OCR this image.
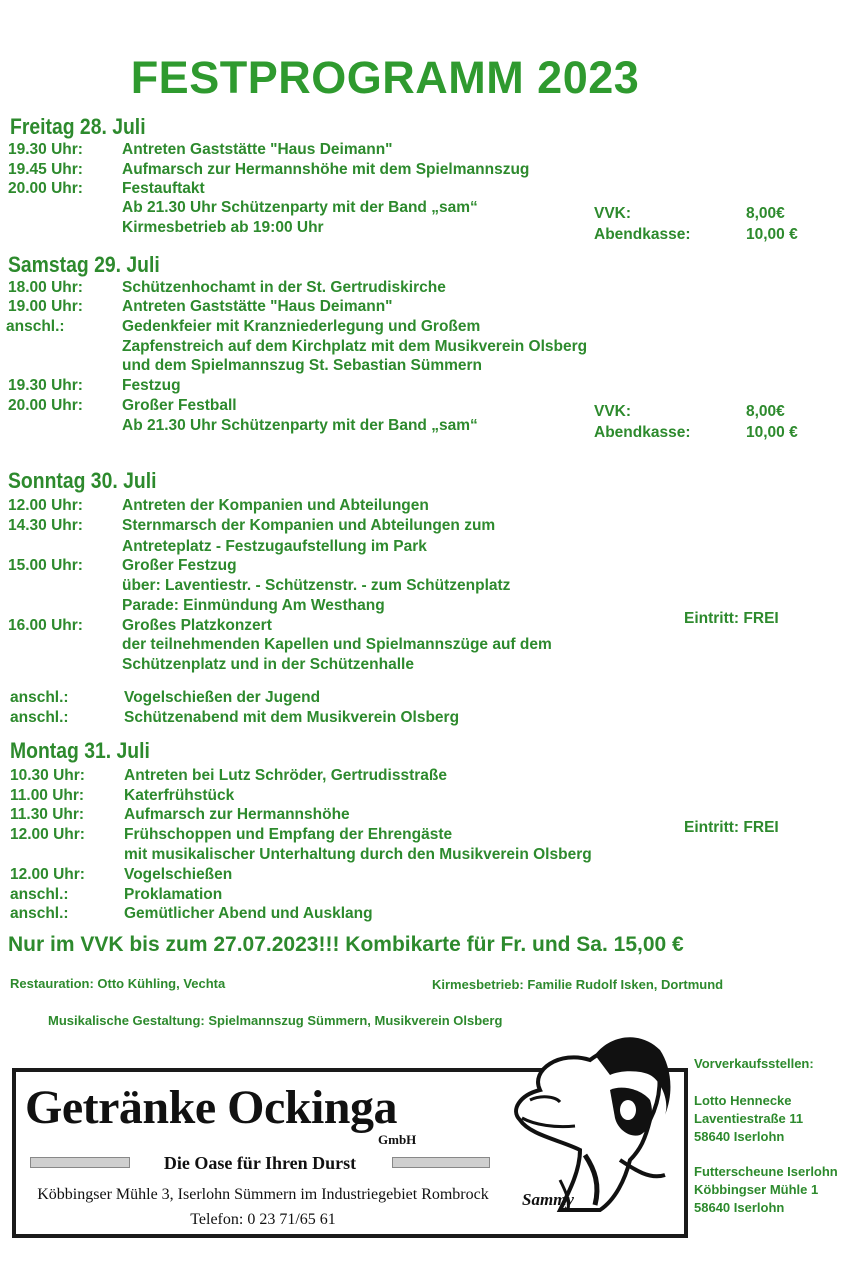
FESTPROGRAMM 2023
Freitag 28. Juli
19.30 Uhr:	Antreten Gaststätte "Haus Deimann"
19.45 Uhr:	Aufmarsch zur Hermannshöhe mit dem Spielmannszug
20.00 Uhr:	Festauftakt
Ab 21.30 Uhr Schützenparty mit der Band „sam“
Kirmesbetrieb ab 19:00 Uhr
VVK:	8,00€
Abendkasse:	10,00 €
Samstag 29. Juli
18.00 Uhr:	Schützenhochamt in der St. Gertrudiskirche
19.00 Uhr:	Antreten Gaststätte "Haus Deimann"
anschl.:	Gedenkfeier mit Kranzniederlegung und Großem
Zapfenstreich auf dem Kirchplatz mit dem Musikverein Olsberg
und dem Spielmannszug St. Sebastian Sümmern
19.30 Uhr:	Festzug
20.00 Uhr:	Großer Festball
Ab 21.30 Uhr Schützenparty mit der Band „sam“
VVK:	8,00€
Abendkasse:	10,00 €
Sonntag 30. Juli
12.00 Uhr:	Antreten der Kompanien und Abteilungen
14.30 Uhr:	Sternmarsch der Kompanien und Abteilungen zum
Antreteplatz - Festzugaufstellung im Park
15.00 Uhr:	Großer Festzug
über: Laventiestr. - Schützenstr. - zum Schützenplatz
Parade: Einmündung Am Westhang
16.00 Uhr:	Großes Platzkonzert
der teilnehmenden Kapellen und Spielmannszüge auf dem
Schützenplatz und in der Schützenhalle
anschl.:	Vogelschießen der Jugend
anschl.:	Schützenabend mit dem Musikverein Olsberg
Eintritt: FREI
Montag 31. Juli
10.30 Uhr:	Antreten bei Lutz Schröder, Gertrudisstraße
11.00 Uhr:	Katerfrühstück
11.30 Uhr:	Aufmarsch zur Hermannshöhe
12.00 Uhr:	Frühschoppen und Empfang der Ehrengäste
mit musikalischer Unterhaltung durch den Musikverein Olsberg
12.00 Uhr:	Vogelschießen
anschl.:	Proklamation
anschl.:	Gemütlicher Abend und Ausklang
Eintritt: FREI
Nur im VVK bis zum 27.07.2023!!! Kombikarte für Fr. und Sa. 15,00 €
Restauration: Otto Kühling, Vechta	Kirmesbetrieb: Familie Rudolf Isken, Dortmund
Musikalische Gestaltung: Spielmannszug Sümmern, Musikverein Olsberg
Getränke Ockinga
GmbH
Die Oase für Ihren Durst
Köbbingser Mühle 3, Iserlohn Sümmern im Industriegebiet Rombrock
Telefon: 0 23 71/65 61
Sammy
Vorverkaufsstellen:
Lotto Hennecke
Laventiestraße 11
58640 Iserlohn
Futterscheune Iserlohn
Köbbingser Mühle 1
58640 Iserlohn
